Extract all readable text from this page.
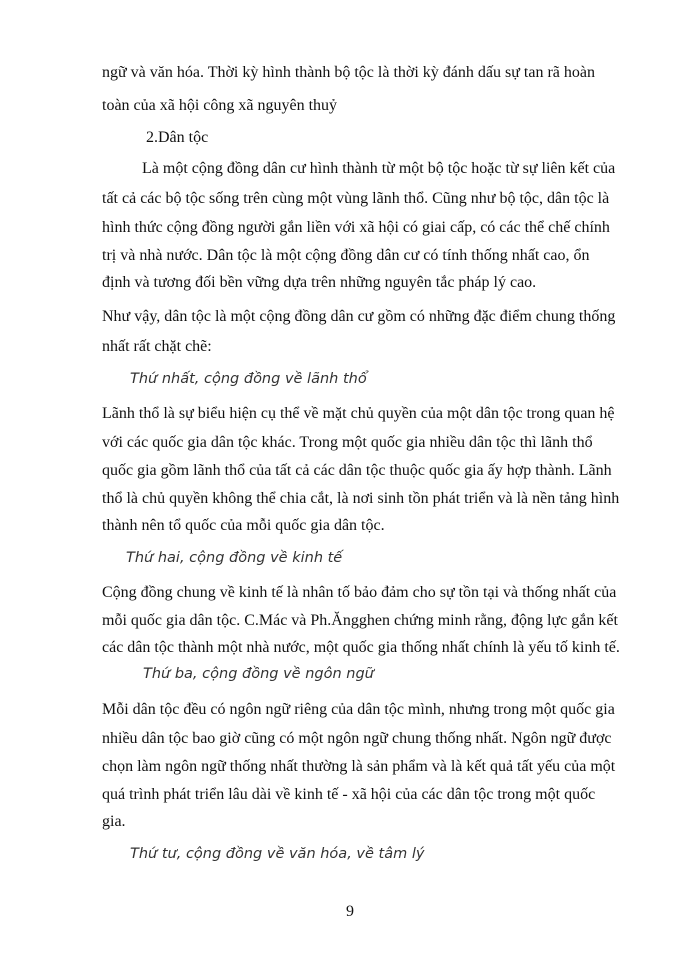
ngữ và văn hóa. Thời kỳ hình thành bộ tộc là thời kỳ đánh dấu sự tan rã hoàn
toàn của xã hội công xã nguyên thuỷ
2.Dân tộc
Là một cộng đồng dân cư hình thành từ một bộ tộc hoặc từ sự liên kết của
tất cả các bộ tộc sống trên cùng một vùng lãnh thổ. Cũng như bộ tộc, dân tộc là
hình thức cộng đồng người gắn liền với xã hội có giai cấp, có các thể chế chính
trị và nhà nước. Dân tộc là một cộng đồng dân cư có tính thống nhất cao, ổn
định và tương đối bền vững dựa trên những nguyên tắc pháp lý cao.
Như vậy, dân tộc là một cộng đồng dân cư gồm có những đặc điểm chung thống
nhất rất chặt chẽ:
Thứ nhất, cộng đồng về lãnh thổ
Lãnh thổ là sự biểu hiện cụ thể về mặt chủ quyền của một dân tộc trong quan hệ
với các quốc gia dân tộc khác. Trong một quốc gia nhiều dân tộc thì lãnh thổ
quốc gia gồm lãnh thổ của tất cả các dân tộc thuộc quốc gia ấy hợp thành. Lãnh
thổ là chủ quyền không thể chia cắt, là nơi sinh tồn phát triển và là nền tảng hình
thành nên tổ quốc của mỗi quốc gia dân tộc.
Thứ hai, cộng đồng về kinh tế
Cộng đồng chung về kinh tế là nhân tố bảo đảm cho sự tồn tại và thống nhất của
mỗi quốc gia dân tộc. C.Mác và Ph.Ăngghen chứng minh rằng, động lực gắn kết
các dân tộc thành một nhà nước, một quốc gia thống nhất chính là yếu tố kinh tế.
Thứ ba, cộng đồng về ngôn ngữ
Mỗi dân tộc đều có ngôn ngữ riêng của dân tộc mình, nhưng trong một quốc gia
nhiều dân tộc bao giờ cũng có một ngôn ngữ chung thống nhất. Ngôn ngữ được
chọn làm ngôn ngữ thống nhất thường là sản phẩm và là kết quả tất yếu của một
quá trình phát triển lâu dài về kinh tế - xã hội của các dân tộc trong một quốc
gia.
Thứ tư, cộng đồng về văn hóa, về tâm lý
9
